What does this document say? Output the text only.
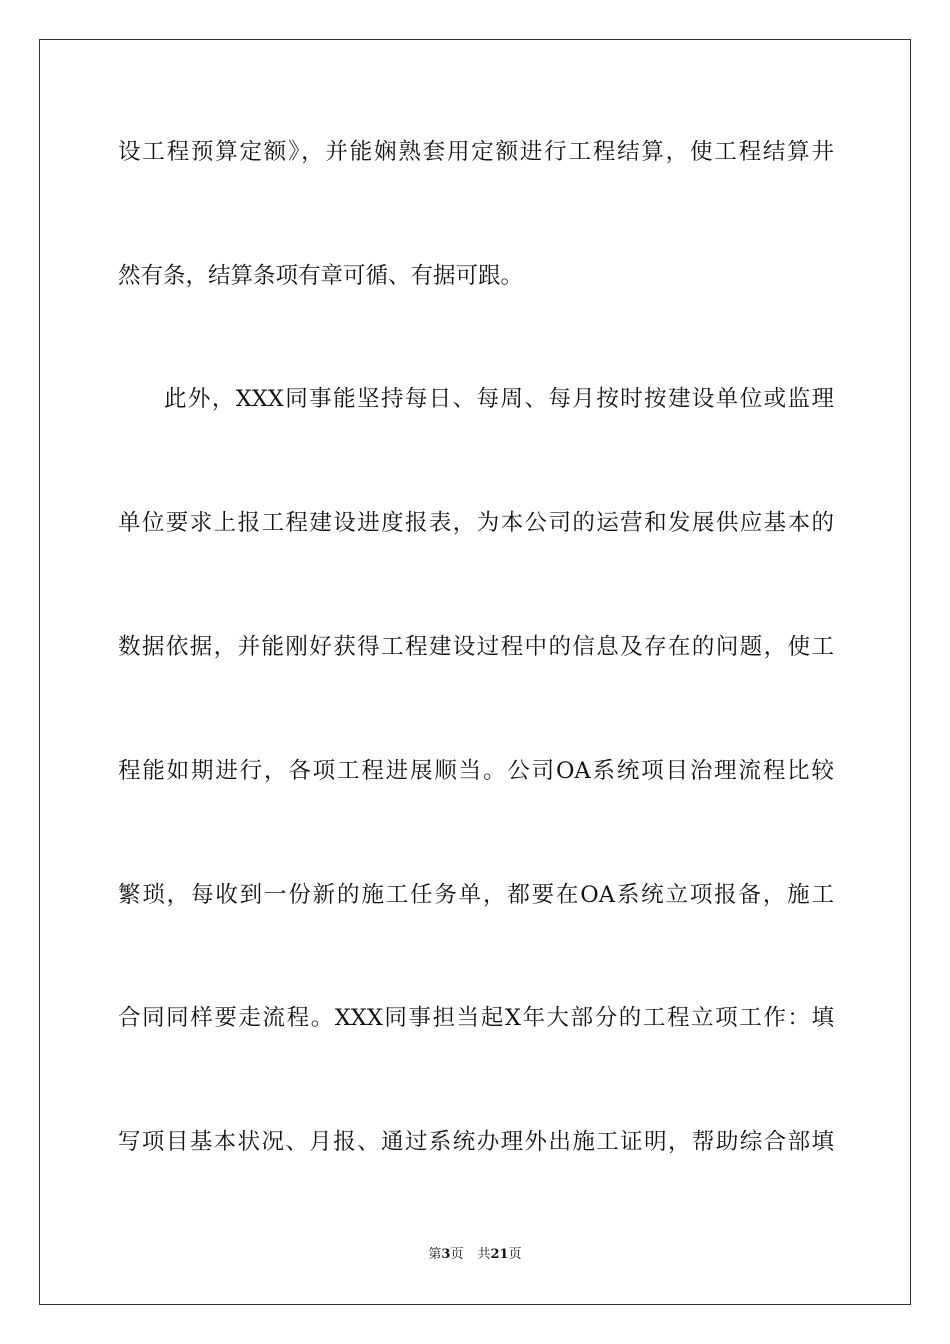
设工程预算定额》，并能娴熟套用定额进行工程结算，使工程结算井
然有条，结算条项有章可循、有据可跟。
此外，XXX同事能坚持每日、每周、每月按时按建设单位或监理
单位要求上报工程建设进度报表，为本公司的运营和发展供应基本的
数据依据，并能刚好获得工程建设过程中的信息及存在的问题，使工
程能如期进行，各项工程进展顺当。公司OA系统项目治理流程比较
繁琐，每收到一份新的施工任务单，都要在OA系统立项报备，施工
合同同样要走流程。XXX同事担当起X年大部分的工程立项工作：填
写项目基本状况、月报、通过系统办理外出施工证明，帮助综合部填
第3页 共21页
